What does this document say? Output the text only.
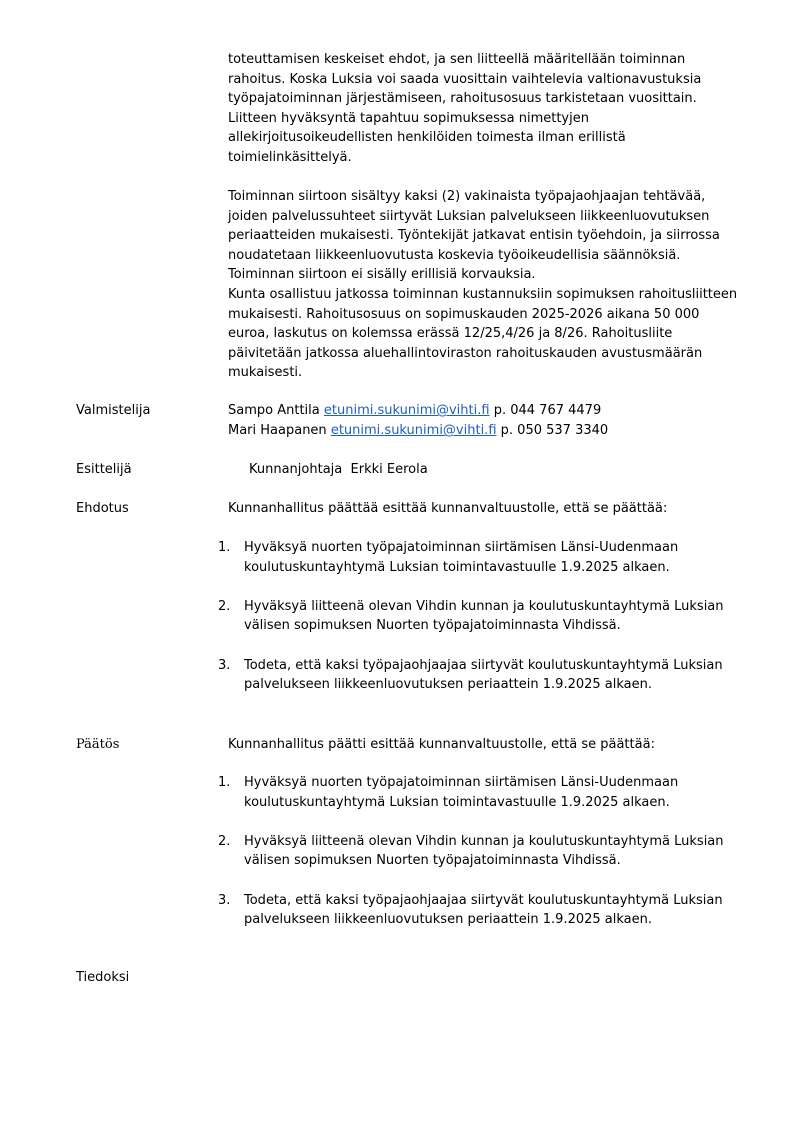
toteuttamisen keskeiset ehdot, ja sen liitteellä määritellään toiminnan

rahoitus. Koska Luksia voi saada vuosittain vaihtelevia valtionavustuksia

työpajatoiminnan järjestämiseen, rahoitusosuus tarkistetaan vuosittain.

Liitteen hyväksyntä tapahtuu sopimuksessa nimettyjen

allekirjoitusoikeudellisten henkilöiden toimesta ilman erillistä

toimielinkäsittelyä.

Toiminnan siirtoon sisältyy kaksi (2) vakinaista työpajaohjaajan tehtävää,

joiden palvelussuhteet siirtyvät Luksian palvelukseen liikkeenluovutuksen

periaatteiden mukaisesti. Työntekijät jatkavat entisin työehdoin, ja siirrossa

noudatetaan liikkeenluovutusta koskevia työoikeudellisia säännöksiä.

Toiminnan siirtoon ei sisälly erillisiä korvauksia.

Kunta osallistuu jatkossa toiminnan kustannuksiin sopimuksen rahoitusliitteen

mukaisesti. Rahoitusosuus on sopimuskauden 2025-2026 aikana 50 000

euroa, laskutus on kolemssa erässä 12/25,4/26 ja 8/26. Rahoitusliite

päivitetään jatkossa aluehallintoviraston rahoituskauden avustusmäärän

mukaisesti.

Valmistelija	Sampo Anttila etunimi.sukunimi@vihti.fi p. 044 767 4479
Mari Haapanen etunimi.sukunimi@vihti.fi p. 050 537 3340
Esittelijä	Kunnanjohtaja  Erkki Eerola
Ehdotus	Kunnanhallitus päättää esittää kunnanvaltuustolle, että se päättää:
1. Hyväksyä nuorten työpajatoiminnan siirtämisen Länsi-Uudenmaan
koulutuskuntayhtymä Luksian toimintavastuulle 1.9.2025 alkaen.
2. Hyväksyä liitteenä olevan Vihdin kunnan ja koulutuskuntayhtymä Luksian
välisen sopimuksen Nuorten työpajatoiminnasta Vihdissä.
3. Todeta, että kaksi työpajaohjaajaa siirtyvät koulutuskuntayhtymä Luksian
palvelukseen liikkeenluovutuksen periaattein 1.9.2025 alkaen.
Päätös	Kunnanhallitus päätti esittää kunnanvaltuustolle, että se päättää:
1. Hyväksyä nuorten työpajatoiminnan siirtämisen Länsi-Uudenmaan
koulutuskuntayhtymä Luksian toimintavastuulle 1.9.2025 alkaen.
2. Hyväksyä liitteenä olevan Vihdin kunnan ja koulutuskuntayhtymä Luksian
välisen sopimuksen Nuorten työpajatoiminnasta Vihdissä.
3. Todeta, että kaksi työpajaohjaajaa siirtyvät koulutuskuntayhtymä Luksian
palvelukseen liikkeenluovutuksen periaattein 1.9.2025 alkaen.
Tiedoksi
